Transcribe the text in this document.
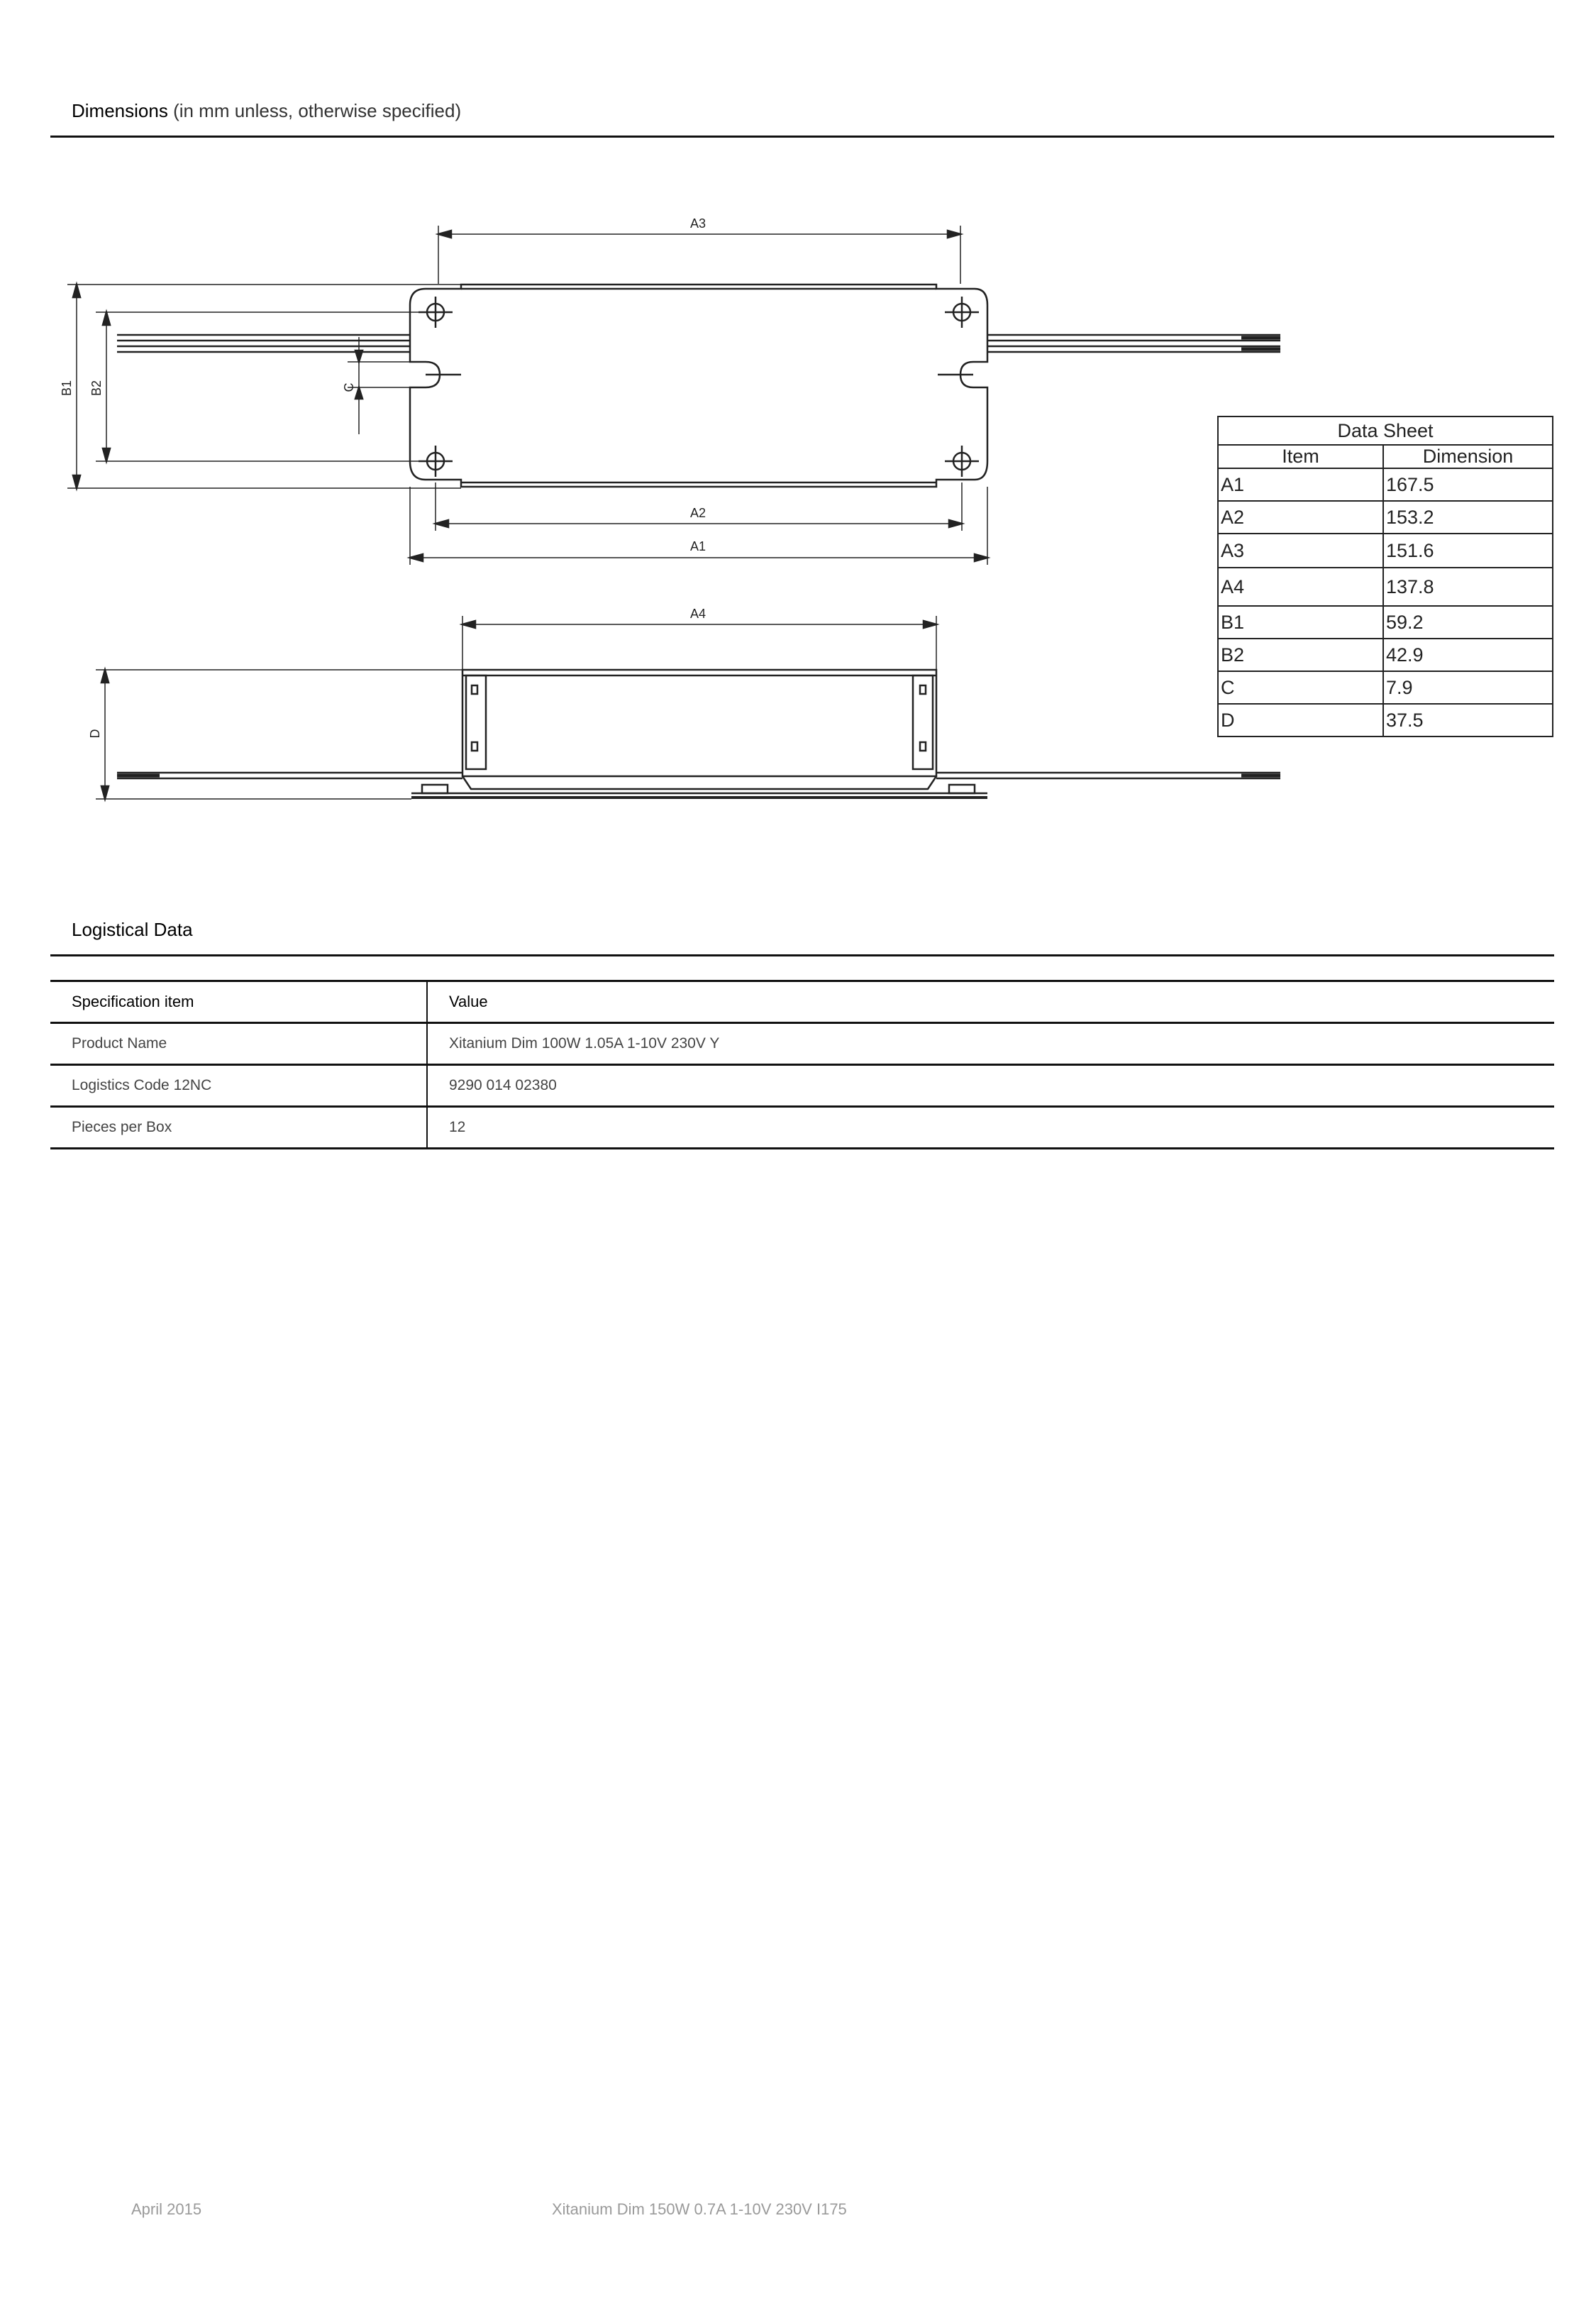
Dimensions (in mm unless, otherwise specified)
A3
A2
A1
A4
B1 B2	C
D
Data Sheet	
Item	Dimension
A1	167.5
A2	153.2
A3	151.6
A4	137.8
B1	59.2
B2	42.9
C	7.9
D	37.5
Logistical Data
Specification item	Value
Product Name	Xitanium Dim 100W 1.05A 1-10V 230V Y
Logistics Code 12NC	9290 014 02380
Pieces per Box	12
April 2015	Xitanium Dim 150W 0.7A 1-10V 230V I175
